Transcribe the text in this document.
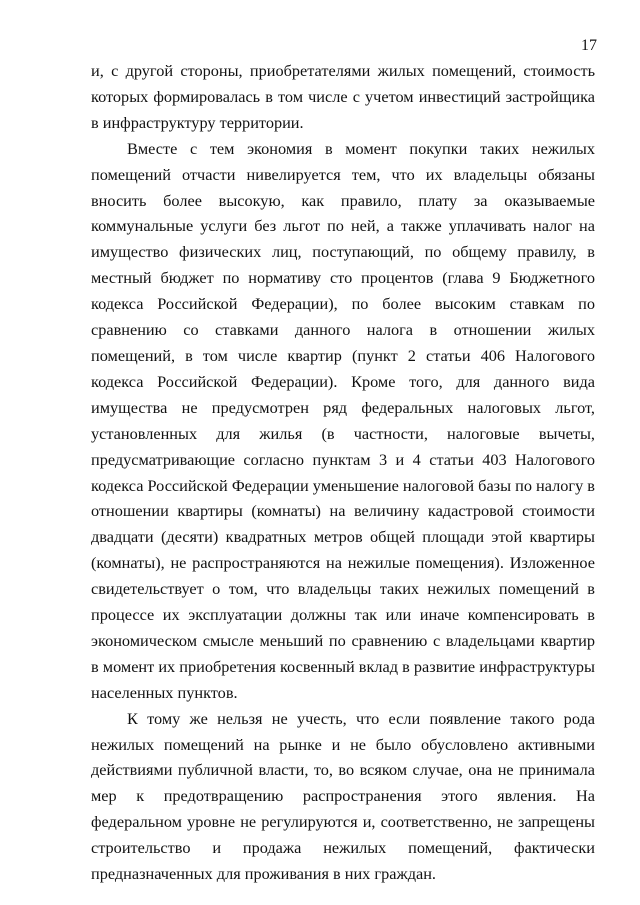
17

и, с другой стороны, приобретателями жилых помещений, стоимость которых формировалась в том числе с учетом инвестиций застройщика в инфраструктуру территории.

Вместе с тем экономия в момент покупки таких нежилых помещений отчасти нивелируется тем, что их владельцы обязаны вносить более высокую, как правило, плату за оказываемые коммунальные услуги без льгот по ней, а также уплачивать налог на имущество физических лиц, поступающий, по общему правилу, в местный бюджет по нормативу сто процентов (глава 9 Бюджетного кодекса Российской Федерации), по более высоким ставкам по сравнению со ставками данного налога в отношении жилых помещений, в том числе квартир (пункт 2 статьи 406 Налогового кодекса Российской Федерации). Кроме того, для данного вида имущества не предусмотрен ряд федеральных налоговых льгот, установленных для жилья (в частности, налоговые вычеты, предусматривающие согласно пунктам 3 и 4 статьи 403 Налогового кодекса Российской Федерации уменьшение налоговой базы по налогу в отношении квартиры (комнаты) на величину кадастровой стоимости двадцати (десяти) квадратных метров общей площади этой квартиры (комнаты), не распространяются на нежилые помещения). Изложенное свидетельствует о том, что владельцы таких нежилых помещений в процессе их эксплуатации должны так или иначе компенсировать в экономическом смысле меньший по сравнению с владельцами квартир в момент их приобретения косвенный вклад в развитие инфраструктуры населенных пунктов.

К тому же нельзя не учесть, что если появление такого рода нежилых помещений на рынке и не было обусловлено активными действиями публичной власти, то, во всяком случае, она не принимала мер к предотвращению распространения этого явления. На федеральном уровне не регулируются и, соответственно, не запрещены строительство и продажа нежилых помещений, фактически предназначенных для проживания в них граждан.
